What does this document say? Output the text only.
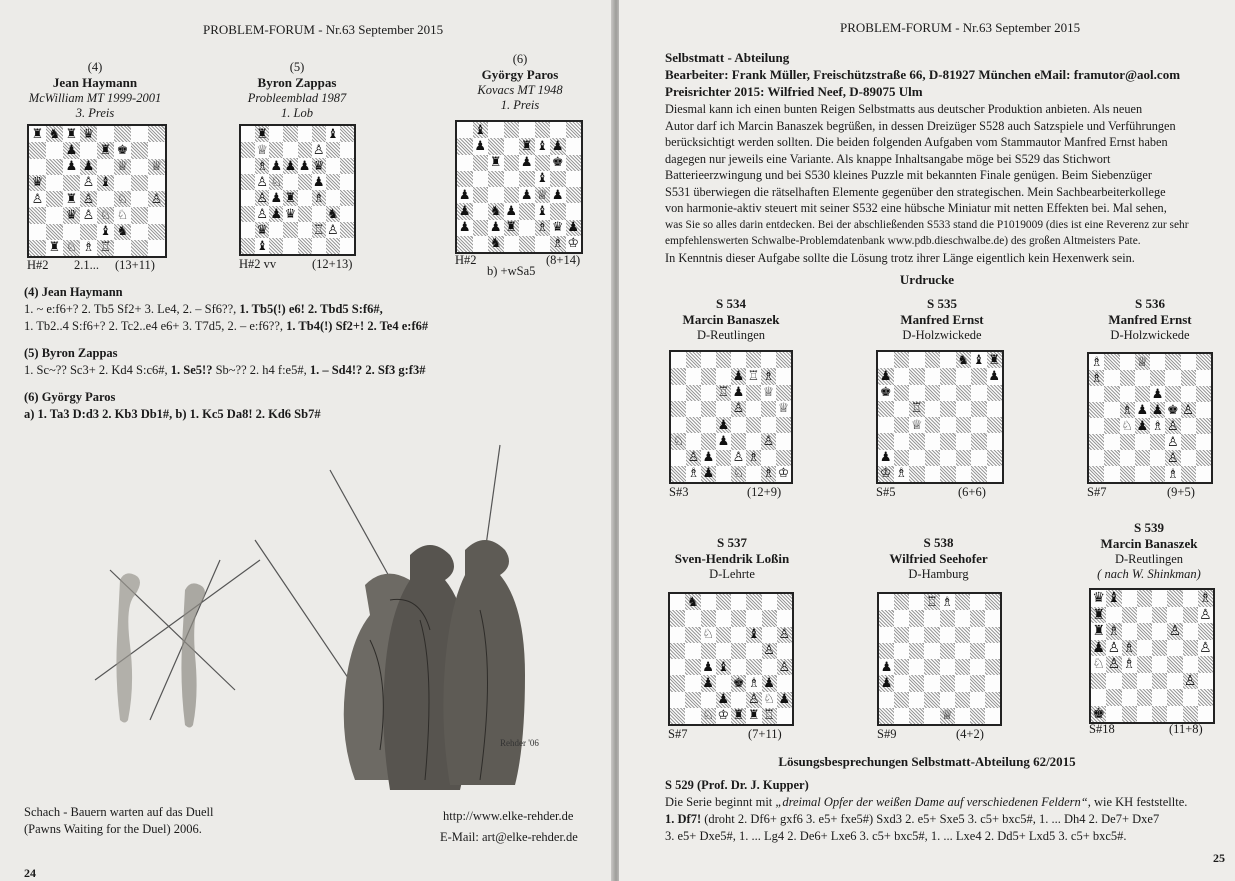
PROBLEM-FORUM - Nr.63 September 2015
(4)
Jean Haymann
McWilliam MT 1999-2001
3. Preis
♜ ♞ ♜ ♛
♟ ♜ ♚
♟ ♟ ♕ ♕
♛	♙ ♝
♙ ♜ ♙ ♘ ♙
♛ ♙ ♘ ♘
♝ ♞
♜ ♘ ♗ ♖
H#2 2.1... (13+11)
(5)
Byron Zappas
Probleemblad 1987
1. Lob
♜	♝
♕	♙
♗ ♟ ♟ ♟ ♛
♙ ♘ ♟
♙ ♟ ♜ ♗
♙ ♟ ♛ ♞
♛	♖ ♙
♝
H#2 vv	(12+13)
(6)
György Paros
Kovacs MT 1948
1. Preis
♝
♟	♜ ♝ ♟
♜ ♟ ♚
♝
♟	♟ ♕ ♟
♟ ♞ ♟ ♝
♟ ♟ ♜ ♗ ♛ ♟
♞	♗ ♔
H#2
b) +wSa5
(8+14)
(4) Jean Haymann
1. ~ e:f6+? 2. Tb5 Sf2+ 3. Le4, 2. – Sf6??, 1. Tb5(!) e6! 2. Tbd5 S:f6#,
1. Tb2..4 S:f6+? 2. Tc2..e4 e6+ 3. T7d5, 2. – e:f6??, 1. Tb4(!) Sf2+! 2. Te4 e:f6#
(5) Byron Zappas
1. Sc~?? Sc3+ 2. Kd4 S:c6#, 1. Se5!? Sb~?? 2. h4 f:e5#, 1. – Sd4!? 2. Sf3 g:f3#
(6) György Paros
a) 1. Ta3 D:d3 2. Kb3 Db1#, b) 1. Kc5 Da8! 2. Kd6 Sb7#
Rehder '06
Schach - Bauern warten auf das Duell
(Pawns Waiting for the Duel) 2006.
http://www.elke-rehder.de
E-Mail: art@elke-rehder.de
24
PROBLEM-FORUM - Nr.63 September 2015
Selbstmatt - Abteilung
Bearbeiter: Frank Müller, Freischützstraße 66, D-81927 München eMail: framutor@aol.com
Preisrichter 2015: Wilfried Neef, D-89075 Ulm
Diesmal kann ich einen bunten Reigen Selbstmatts aus deutscher Produktion anbieten. Als neuen
Autor darf ich Marcin Banaszek begrüßen, in dessen Dreizüger S528 auch Satzspiele und Verführungen
berücksichtigt werden sollten. Die beiden folgenden Aufgaben vom Stammautor Manfred Ernst haben
dagegen nur jeweils eine Variante. Als knappe Inhaltsangabe möge bei S529 das Stichwort
Batterieerzwingung und bei S530 kleines Puzzle mit bekannten Finale genügen. Beim Siebenzüger
S531 überwiegen die rätselhaften Elemente gegenüber den strategischen. Mein Sachbearbeiterkollege
von harmonie-aktiv steuert mit seiner S532 eine hübsche Miniatur mit netten Effekten bei. Mal sehen,
was Sie so alles darin entdecken. Bei der abschließenden S533 stand die P1019009 (dies ist eine Reverenz zur sehr
empfehlenswerten Schwalbe-Problemdatenbank www.pdb.dieschwalbe.de) des großen Altmeisters Pate.
In Kenntnis dieser Aufgabe sollte die Lösung trotz ihrer Länge eigentlich kein Hexenwerk sein.
Urdrucke
S 534
Marcin Banaszek
D-Reutlingen
♟ ♖ ♗
♖ ♟ ♕
♙	♕
♟
♘	♟	♙
♙ ♟ ♙ ♗
♗ ♟ ♘ ♗ ♔
S#3	(12+9)
S 535
Manfred Ernst
D-Holzwickede
♞ ♝ ♜
♟	♟
♚
♖
♕
♟
♔ ♗
S#5	(6+6)
S 536
Manfred Ernst
D-Holzwickede
♗	♕
♗
♟
♗ ♟ ♟ ♚ ♙
♘ ♟ ♗ ♙
♙
♙
♗
S#7	(9+5)
S 537
Sven-Hendrik Loßin
D-Lehrte
♞
♘	♝ ♙
♙
♟ ♝	♙
♟ ♚ ♗ ♟
♟ ♙ ♘ ♟
♘ ♔ ♜ ♜ ♖
S#7	(7+11)
S 538
Wilfried Seehofer
D-Hamburg
♖ ♗
♟
♟
♕
S#9	(4+2)
S 539
Marcin Banaszek
D-Reutlingen
( nach W. Shinkman)
♛ ♝	♗
♜	♙
♜ ♗	♙
♟ ♙ ♗	♙
♘ ♙ ♗
♙
♚
S#18	(11+8)
Lösungsbesprechungen Selbstmatt-Abteilung 62/2015
S 529 (Prof. Dr. J. Kupper)
Die Serie beginnt mit „dreimal Opfer der weißen Dame auf verschiedenen Feldern“, wie KH feststellte.
1. Df7! (droht 2. Df6+ gxf6 3. e5+ fxe5#) Sxd3 2. e5+ Sxe5 3. c5+ bxc5#, 1. ... Dh4 2. De7+ Dxe7
3. e5+ Dxe5#, 1. ... Lg4 2. De6+ Lxe6 3. c5+ bxc5#, 1. ... Lxe4 2. Dd5+ Lxd5 3. c5+ bxc5#.
25
